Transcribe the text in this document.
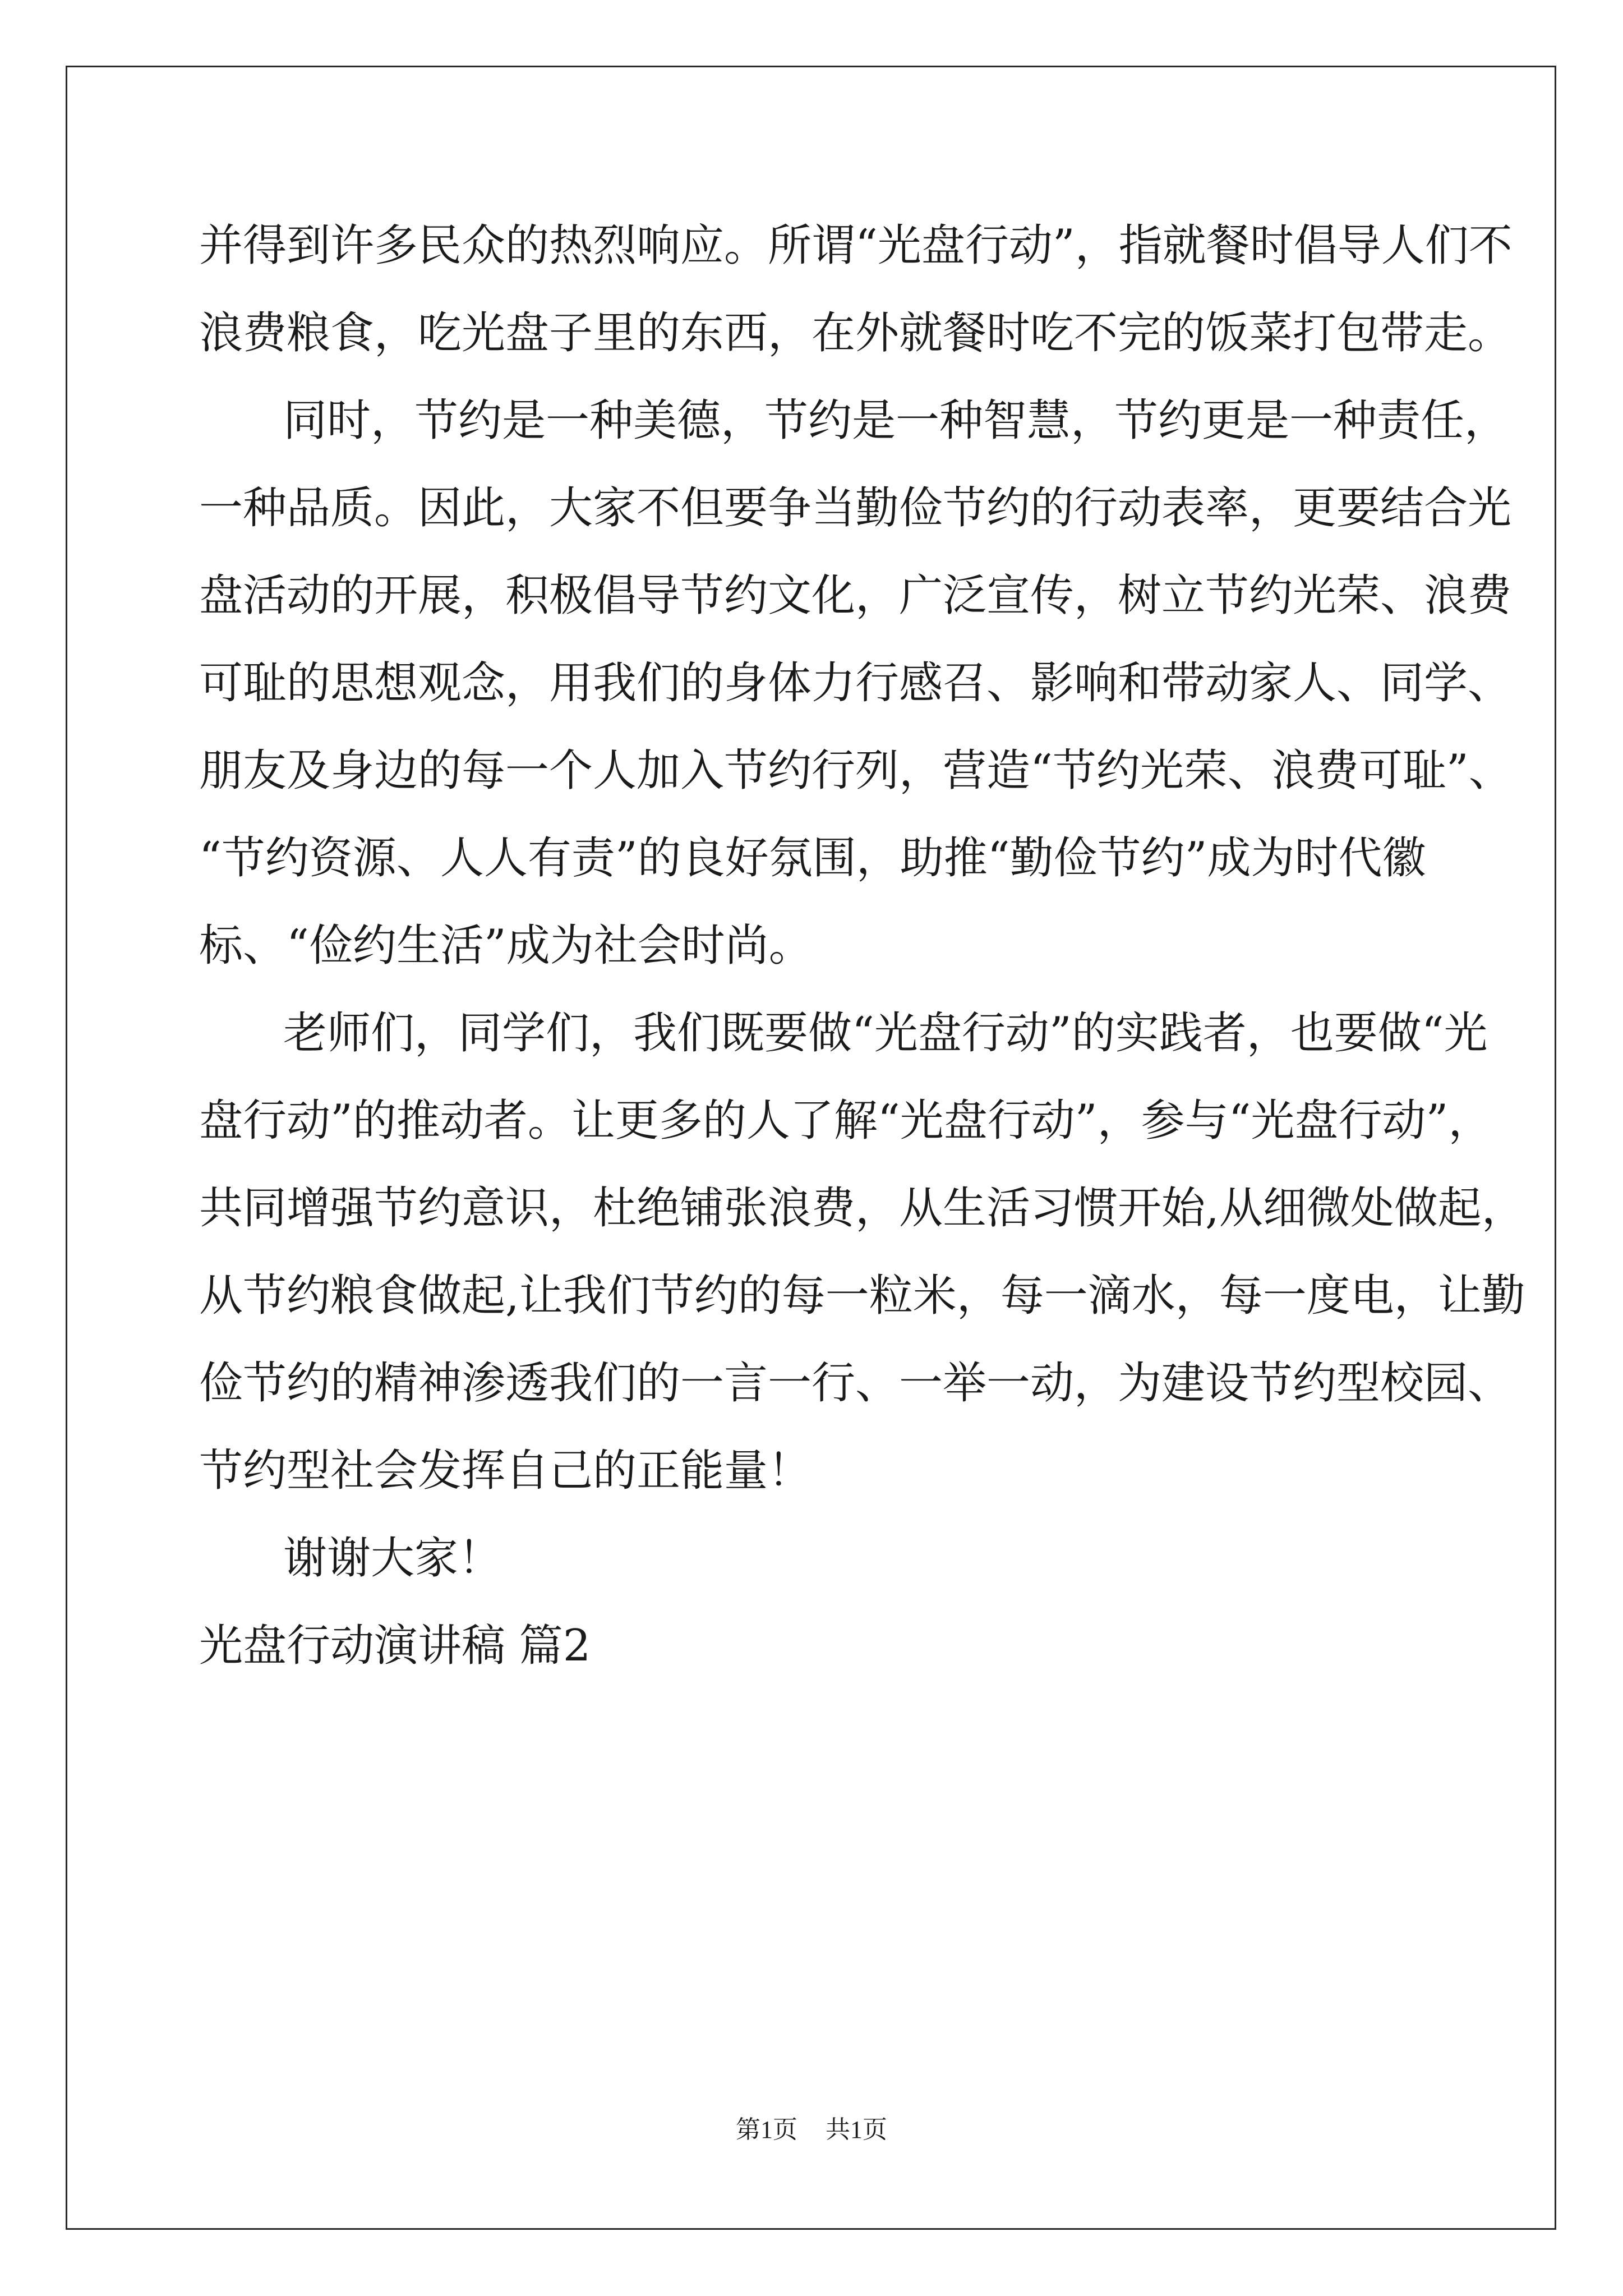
并得到许多民众的热烈响应。所谓“光盘行动”，指就餐时倡导人们不
浪费粮食，吃光盘子里的东西，在外就餐时吃不完的饭菜打包带走。
同时，节约是一种美德，节约是一种智慧，节约更是一种责任，
一种品质。因此，大家不但要争当勤俭节约的行动表率，更要结合光
盘活动的开展，积极倡导节约文化，广泛宣传，树立节约光荣、浪费
可耻的思想观念，用我们的身体力行感召、影响和带动家人、同学、
朋友及身边的每一个人加入节约行列，营造“节约光荣、浪费可耻”、
“节约资源、人人有责”的良好氛围，助推“勤俭节约”成为时代徽
标、“俭约生活”成为社会时尚。
老师们，同学们，我们既要做“光盘行动”的实践者，也要做“光
盘行动”的推动者。让更多的人了解“光盘行动”，参与“光盘行动”，
共同增强节约意识，杜绝铺张浪费，从生活习惯开始,从细微处做起，
从节约粮食做起,让我们节约的每一粒米，每一滴水，每一度电，让勤
俭节约的精神渗透我们的一言一行、一举一动，为建设节约型校园、
节约型社会发挥自己的正能量！
谢谢大家！
光盘行动演讲稿 篇2
第1页 共1页
